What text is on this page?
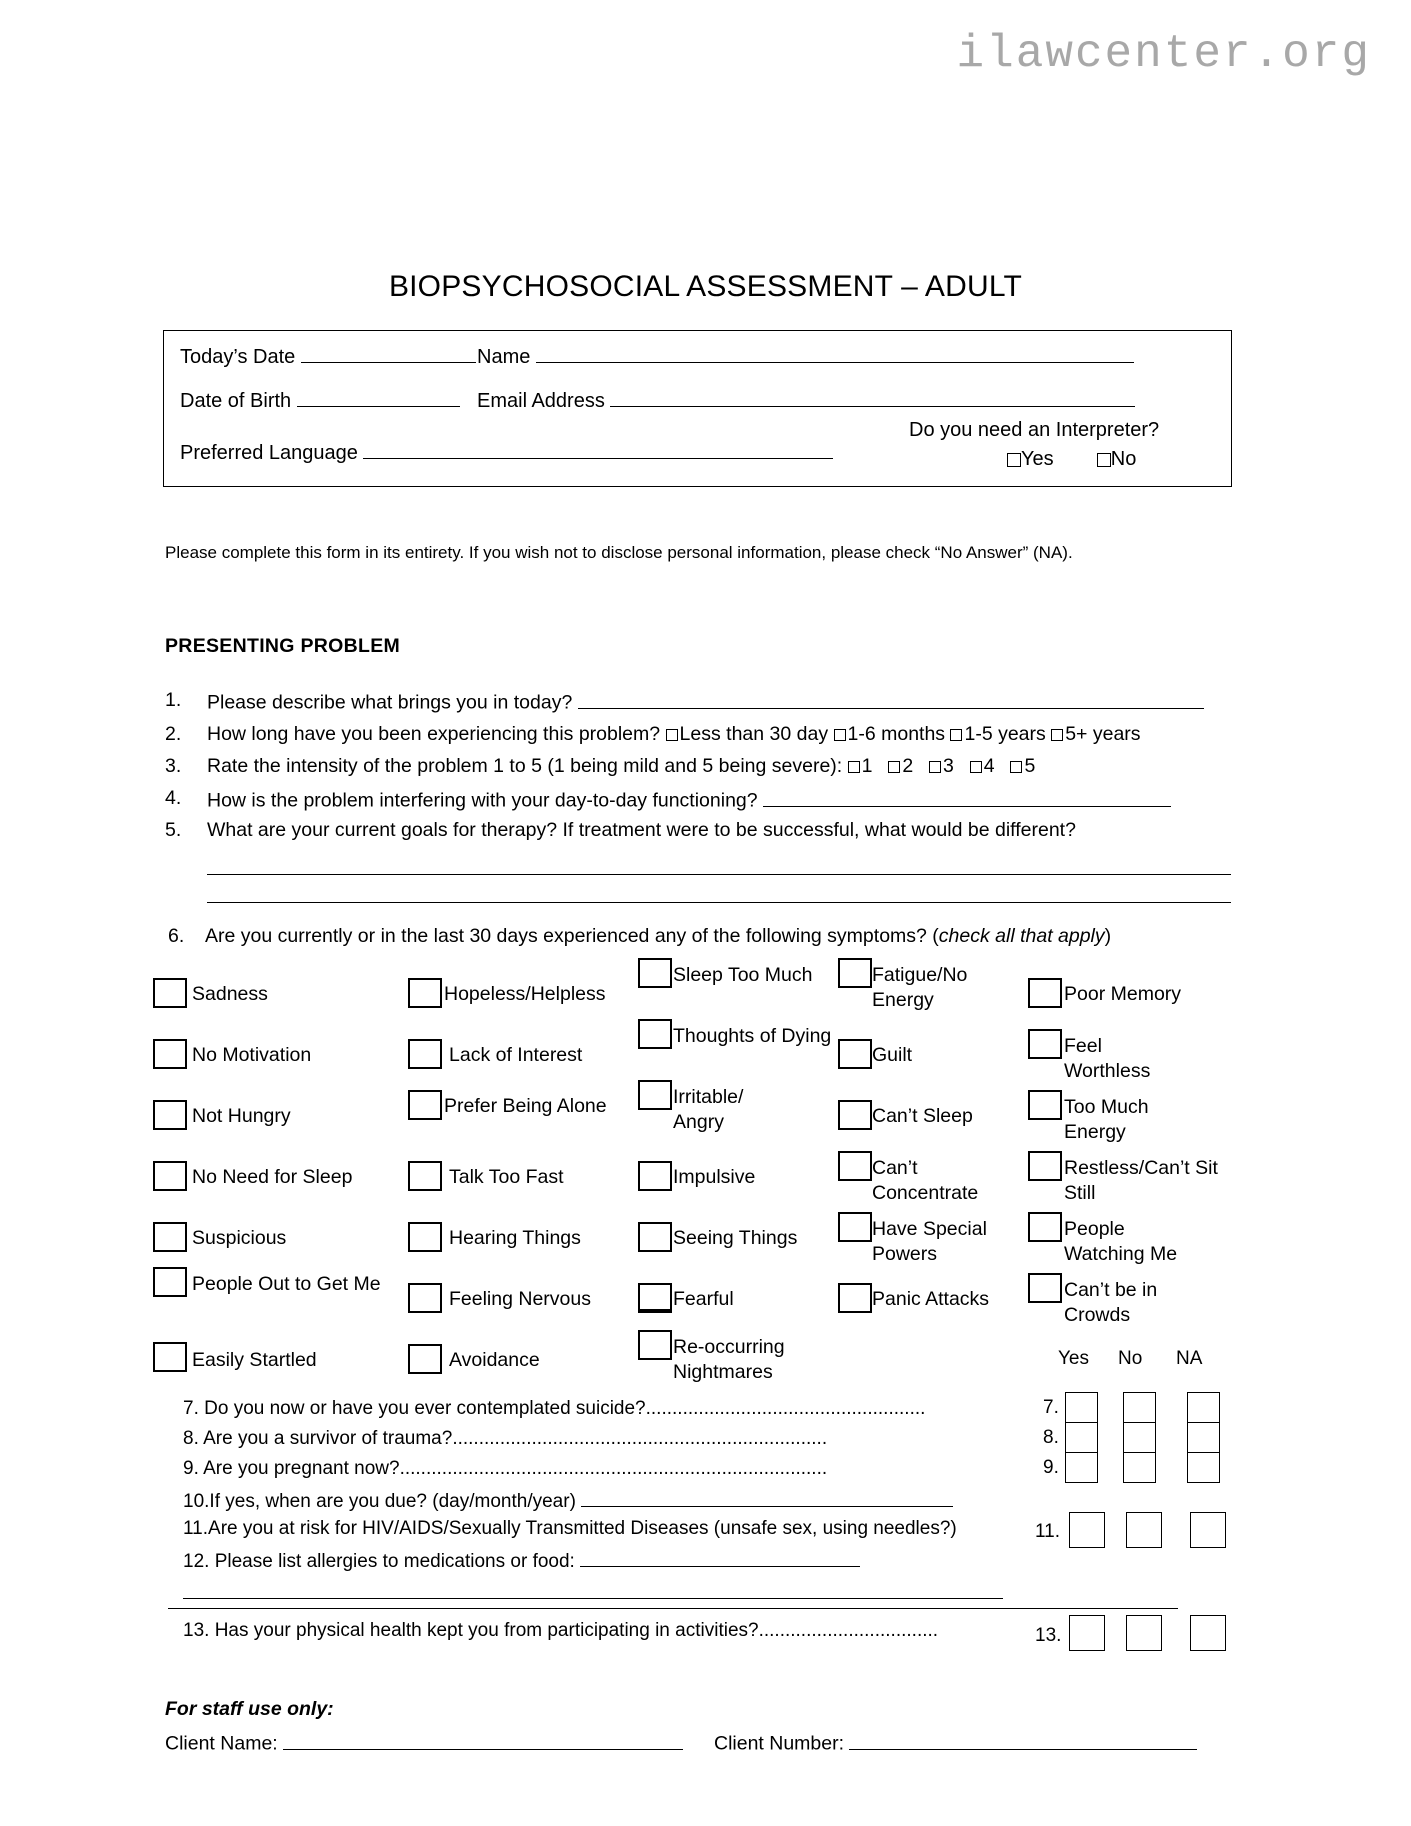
ilawcenter.org
BIOPSYCHOSOCIAL ASSESSMENT – ADULT
Today’s Date	Name
Date of Birth	Email Address
Preferred Language
Do you need an Interpreter?
Yes	No
Please complete this form in its entirety. If you wish not to disclose personal information, please check “No Answer” (NA).
PRESENTING PROBLEM
1. Please describe what brings you in today?
2. How long have you been experiencing this problem? Less than 30 day 1-6 months 1-5 years 5+ years
3. Rate the intensity of the problem 1 to 5 (1 being mild and 5 being severe): 1 2 3 4 5
4. How is the problem interfering with your day-to-day functioning?
5. What are your current goals for therapy? If treatment were to be successful, what would be different?
6. Are you currently or in the last 30 days experienced any of the following symptoms? (check all that apply)
Sadness
No Motivation
Not Hungry
No Need for Sleep
Suspicious
People Out to Get Me
Easily Startled
Hopeless/Helpless
Lack of Interest
Prefer Being Alone
Talk Too Fast
Hearing Things
Feeling Nervous
Avoidance
Sleep Too Much
Thoughts of Dying
Irritable/ Angry
Impulsive
Seeing Things
Fearful
Re-occurring Nightmares
Fatigue/No Energy
Guilt
Can’t Sleep
Can’t Concentrate
Have Special Powers
Panic Attacks
Poor Memory
Feel Worthless
Too Much Energy
Restless/Can’t Sit Still
People Watching Me
Can’t be in Crowds
Yes No NA
7. Do you now or have you ever contemplated suicide?.....................................................
8. Are you a survivor of trauma?.......................................................................
9. Are you pregnant now?.................................................................................
10.If yes, when are you due? (day/month/year)
11.Are you at risk for HIV/AIDS/Sexually Transmitted Diseases (unsafe sex, using needles?)
12. Please list allergies to medications or food:
13. Has your physical health kept you from participating in activities?..................................
7.
8.
9.
11.
13.
For staff use only:
Client Name:	Client Number:
